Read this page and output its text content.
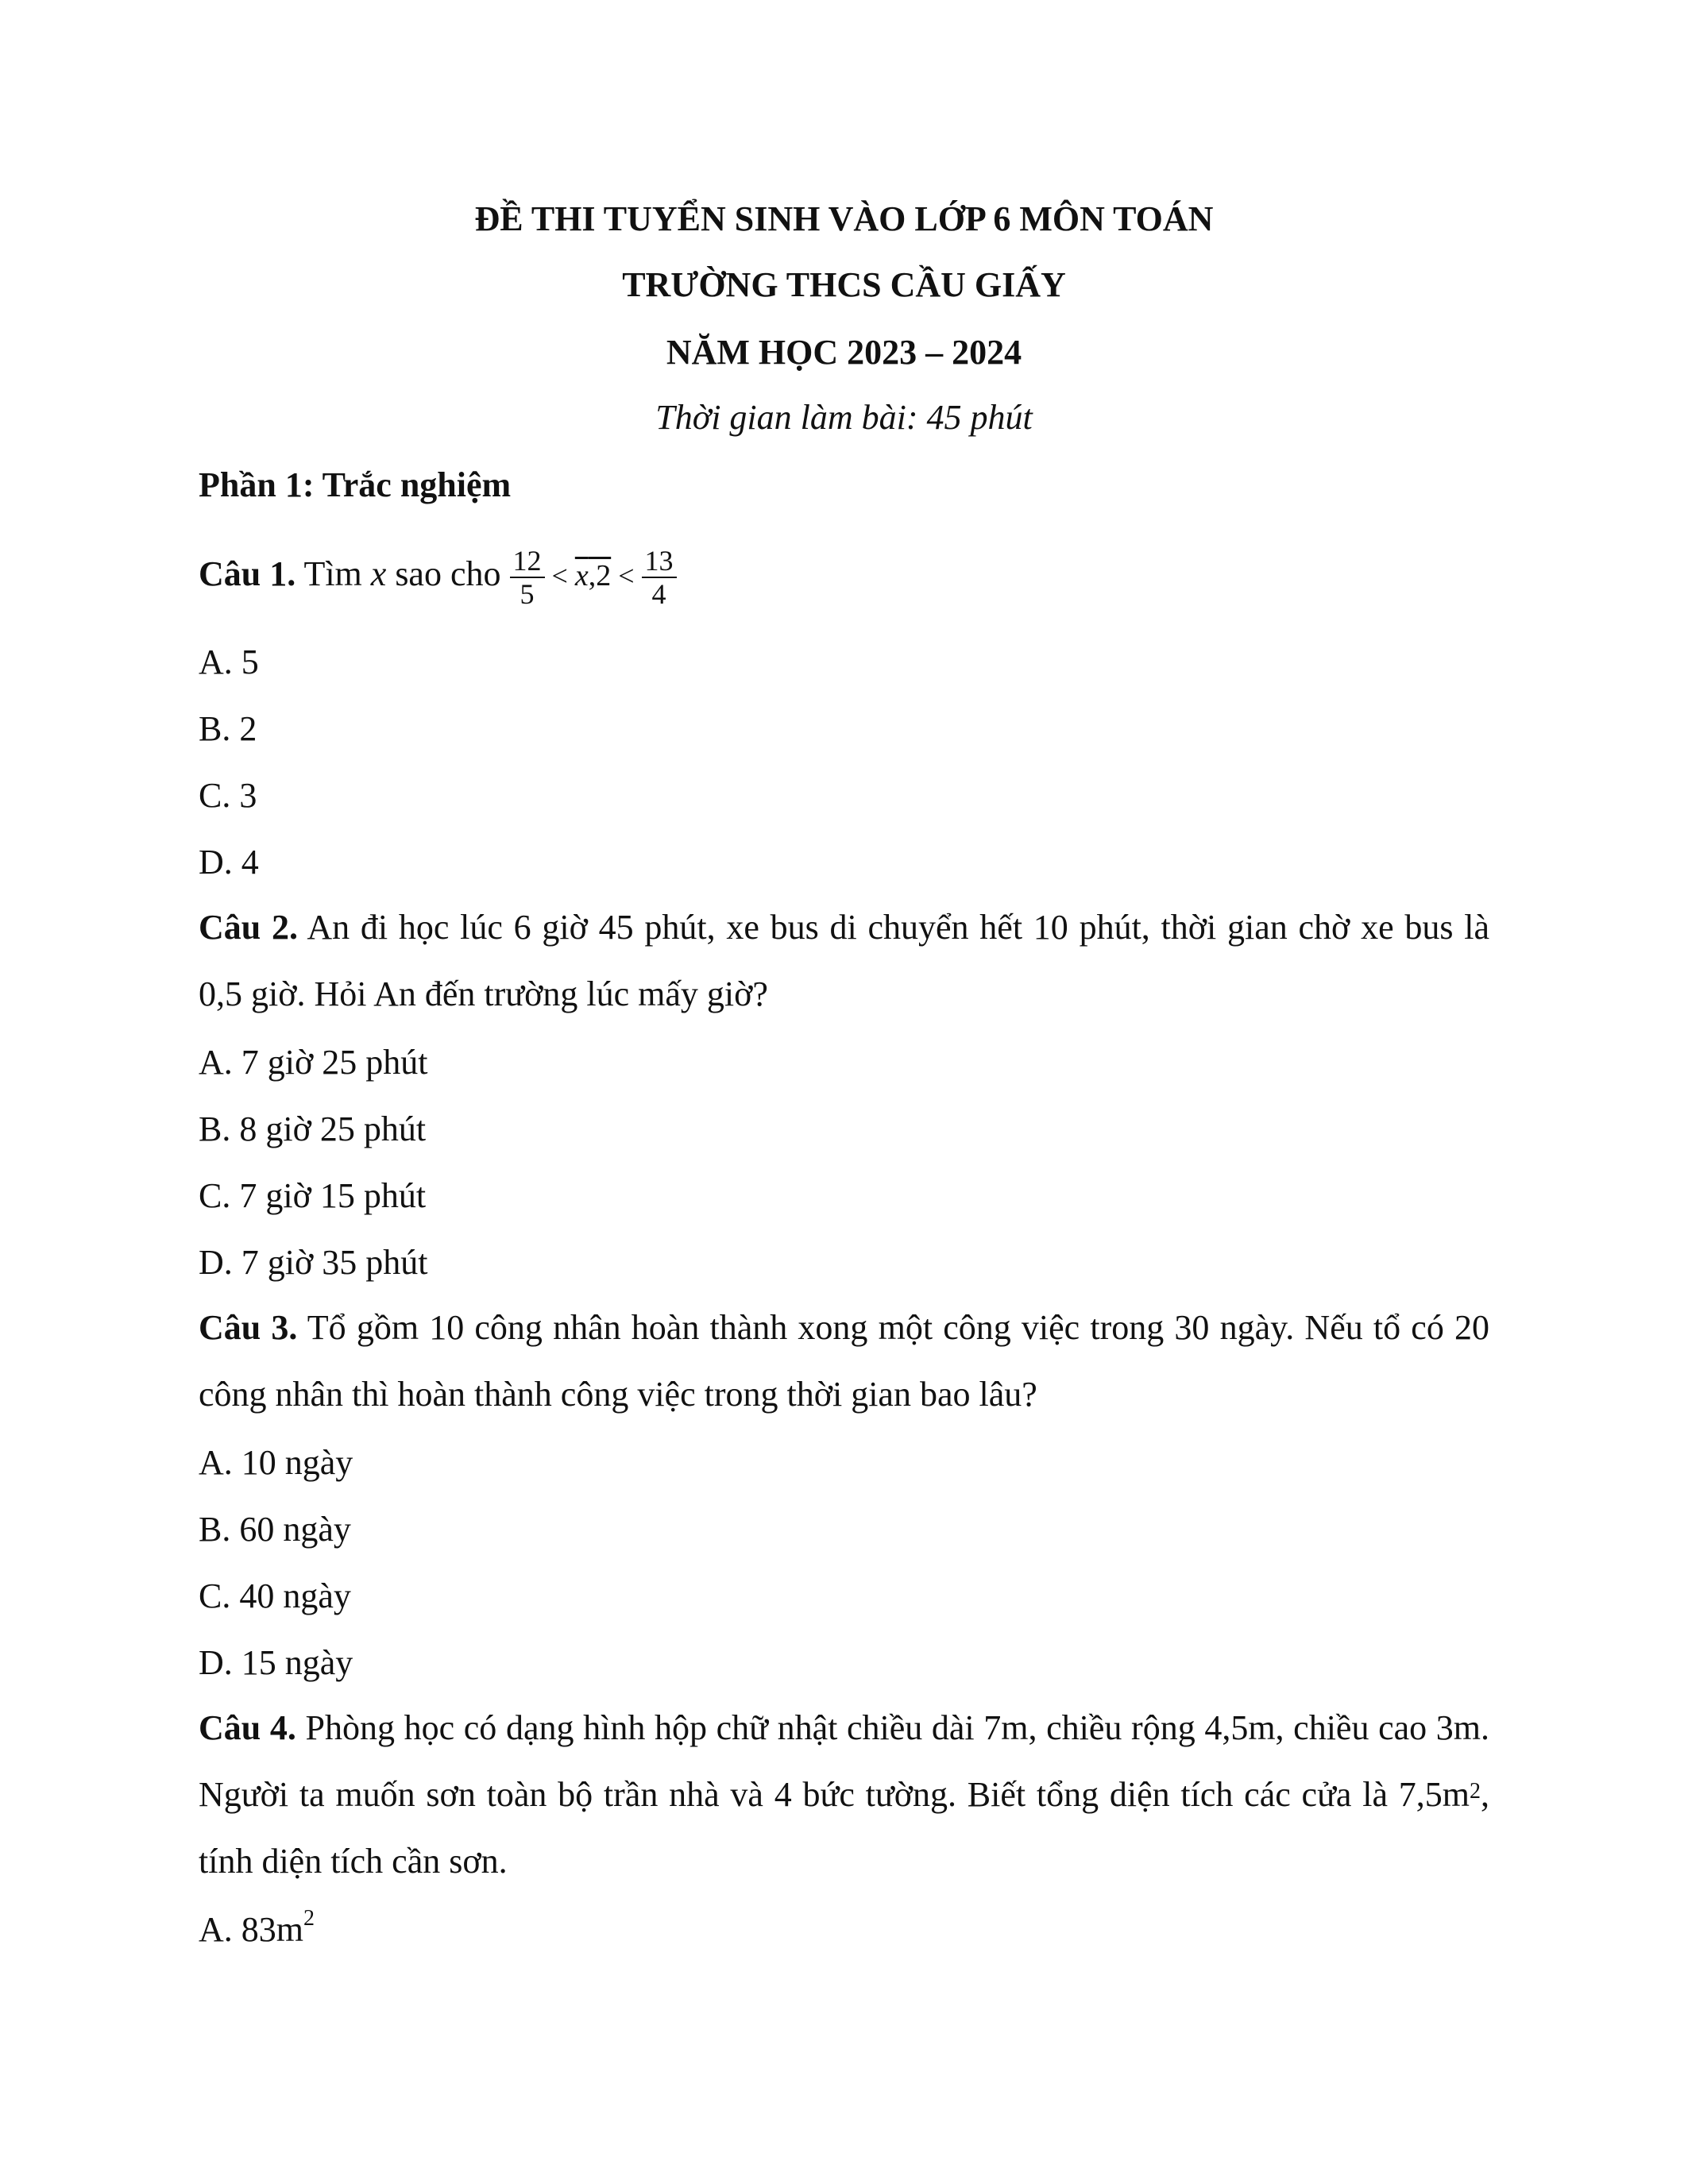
ĐỀ THI TUYỂN SINH VÀO LỚP 6 MÔN TOÁN
TRƯỜNG THCS CẦU GIẤY
NĂM HỌC 2023 – 2024
Thời gian làm bài: 45 phút
Phần 1: Trắc nghiệm
Câu 1. Tìm x sao cho $\frac{12}{5} < x,2 < \frac{13}{4}$
A. 5
B. 2
C. 3
D. 4
Câu 2. An đi học lúc 6 giờ 45 phút, xe bus di chuyển hết 10 phút, thời gian chờ xe bus là 0,5 giờ. Hỏi An đến trường lúc mấy giờ?
A. 7 giờ 25 phút
B. 8 giờ 25 phút
C. 7 giờ 15 phút
D. 7 giờ 35 phút
Câu 3. Tổ gồm 10 công nhân hoàn thành xong một công việc trong 30 ngày. Nếu tổ có 20 công nhân thì hoàn thành công việc trong thời gian bao lâu?
A. 10 ngày
B. 60 ngày
C. 40 ngày
D. 15 ngày
Câu 4. Phòng học có dạng hình hộp chữ nhật chiều dài 7m, chiều rộng 4,5m, chiều cao 3m. Người ta muốn sơn toàn bộ trần nhà và 4 bức tường. Biết tổng diện tích các cửa là $7,5m^2$, tính diện tích cần sơn.
A. $83m^2$
